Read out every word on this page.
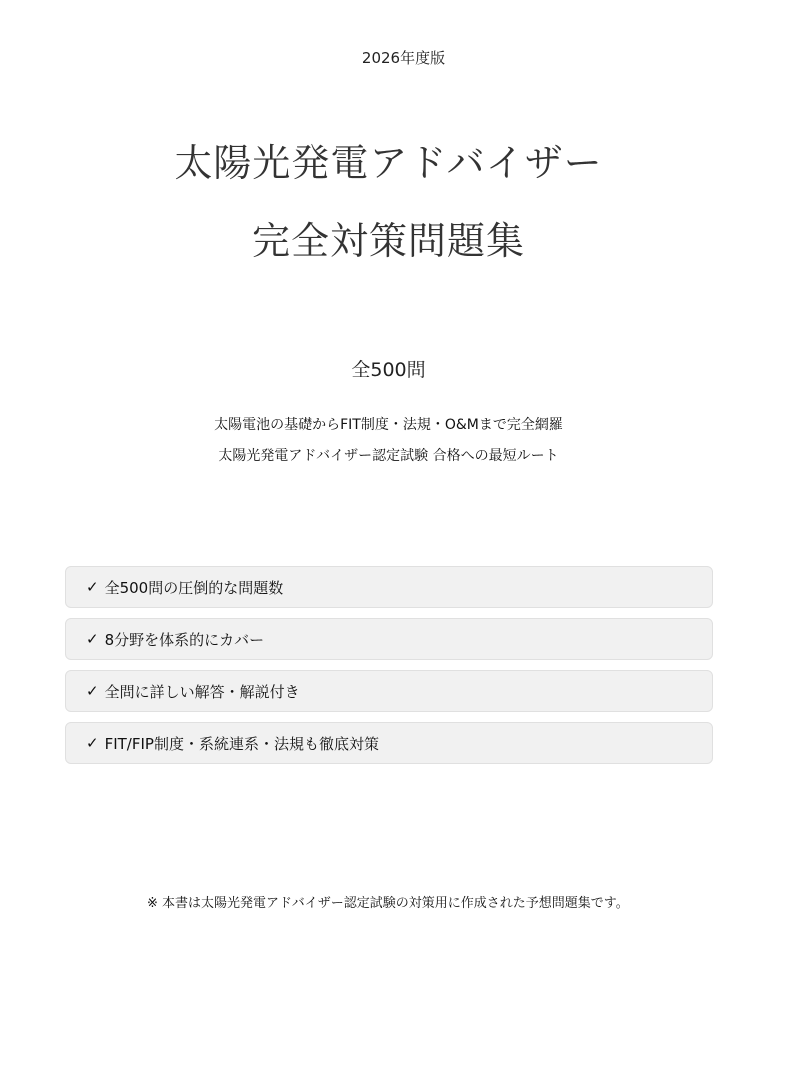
2026年度版
太陽光発電アドバイザー
完全対策問題集
全500問
太陽電池の基礎からFIT制度・法規・O&Mまで完全網羅
太陽光発電アドバイザー認定試験 合格への最短ルート
✓ 全500問の圧倒的な問題数
✓ 8分野を体系的にカバー
✓ 全問に詳しい解答・解説付き
✓ FIT/FIP制度・系統連系・法規も徹底対策
※ 本書は太陽光発電アドバイザー認定試験の対策用に作成された予想問題集です。
